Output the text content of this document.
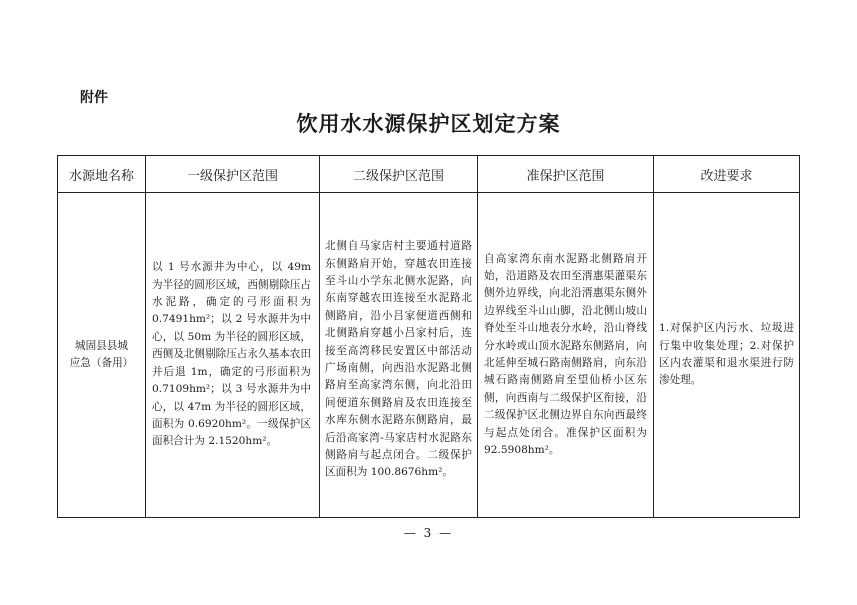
附件
饮用水水源保护区划定方案
水源地名称	一级保护区范围	二级保护区范围	准保护区范围	改进要求

城固县县城
应急（备用）	以 1 号水源井为中心，以 49m 为半径的圆形区域，西侧剔除压占水泥路，确定的弓形面积为 0.7491hm²；以 2 号水源井为中心，以 50m 为半径的圆形区域，西侧及北侧剔除压占永久基本农田并后退 1m，确定的弓形面积为 0.7109hm²；以 3 号水源井为中心，以 47m 为半径的圆形区域，面积为 0.6920hm²。一级保护区面积合计为 2.1520hm²。	北侧自马家店村主要通村道路东侧路肩开始，穿越农田连接至斗山小学东北侧水泥路，向东南穿越农田连接至水泥路北侧路肩，沿小吕家便道西侧和北侧路肩穿越小吕家村后，连接至高湾移民安置区中部活动广场南侧，向西沿水泥路北侧路肩至高家湾东侧，向北沿田间便道东侧路肩及农田连接至水库东侧水泥路东侧路肩，最后沿高家湾-马家店村水泥路东侧路肩与起点闭合。二级保护区面积为 100.8676hm²。	自高家湾东南水泥路北侧路肩开始，沿道路及农田至湑惠渠灌渠东侧外边界线，向北沿湑惠渠东侧外边界线至斗山山脚，沿北侧山坡山脊处至斗山地表分水岭，沿山脊线分水岭或山顶水泥路东侧路肩，向北延伸至城石路南侧路肩，向东沿城石路南侧路肩至望仙桥小区东侧，向西南与二级保护区衔接，沿二级保护区北侧边界自东向西最终与起点处闭合。准保护区面积为 92.5908hm²。	1.对保护区内污水、垃圾进行集中收集处理；2.对保护区内农灌渠和退水渠进行防渗处理。
— 3 —
